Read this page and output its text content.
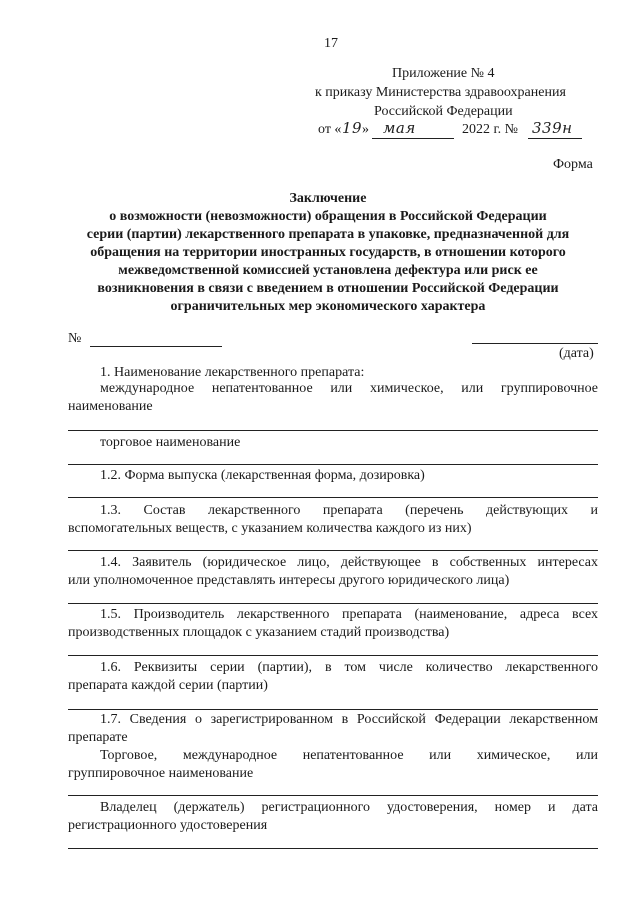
17
Приложение № 4
к приказу Министерства здравоохранения
Российской Федерации
от « 19 » мая	2022 г. № 339н
Форма
Заключение
о возможности (невозможности) обращения в Российской Федерации
серии (партии) лекарственного препарата в упаковке, предназначенной для
обращения на территории иностранных государств, в отношении которого
межведомственной комиссией установлена дефектура или риск ее
возникновения в связи с введением в отношении Российской Федерации
ограничительных мер экономического характера
№
(дата)
1. Наименование лекарственного препарата:
международное непатентованное или химическое, или группировочное
наименование
торговое наименование
1.2. Форма выпуска (лекарственная форма, дозировка)
1.3. Состав лекарственного препарата (перечень действующих и
вспомогательных веществ, с указанием количества каждого из них)
1.4. Заявитель (юридическое лицо, действующее в собственных интересах
или уполномоченное представлять интересы другого юридического лица)
1.5. Производитель лекарственного препарата (наименование, адреса всех
производственных площадок с указанием стадий производства)
1.6. Реквизиты серии (партии), в том числе количество лекарственного
препарата каждой серии (партии)
1.7. Сведения о зарегистрированном в Российской Федерации лекарственном
препарате
Торговое, международное непатентованное или химическое, или
группировочное наименование
Владелец (держатель) регистрационного удостоверения, номер и дата
регистрационного удостоверения
